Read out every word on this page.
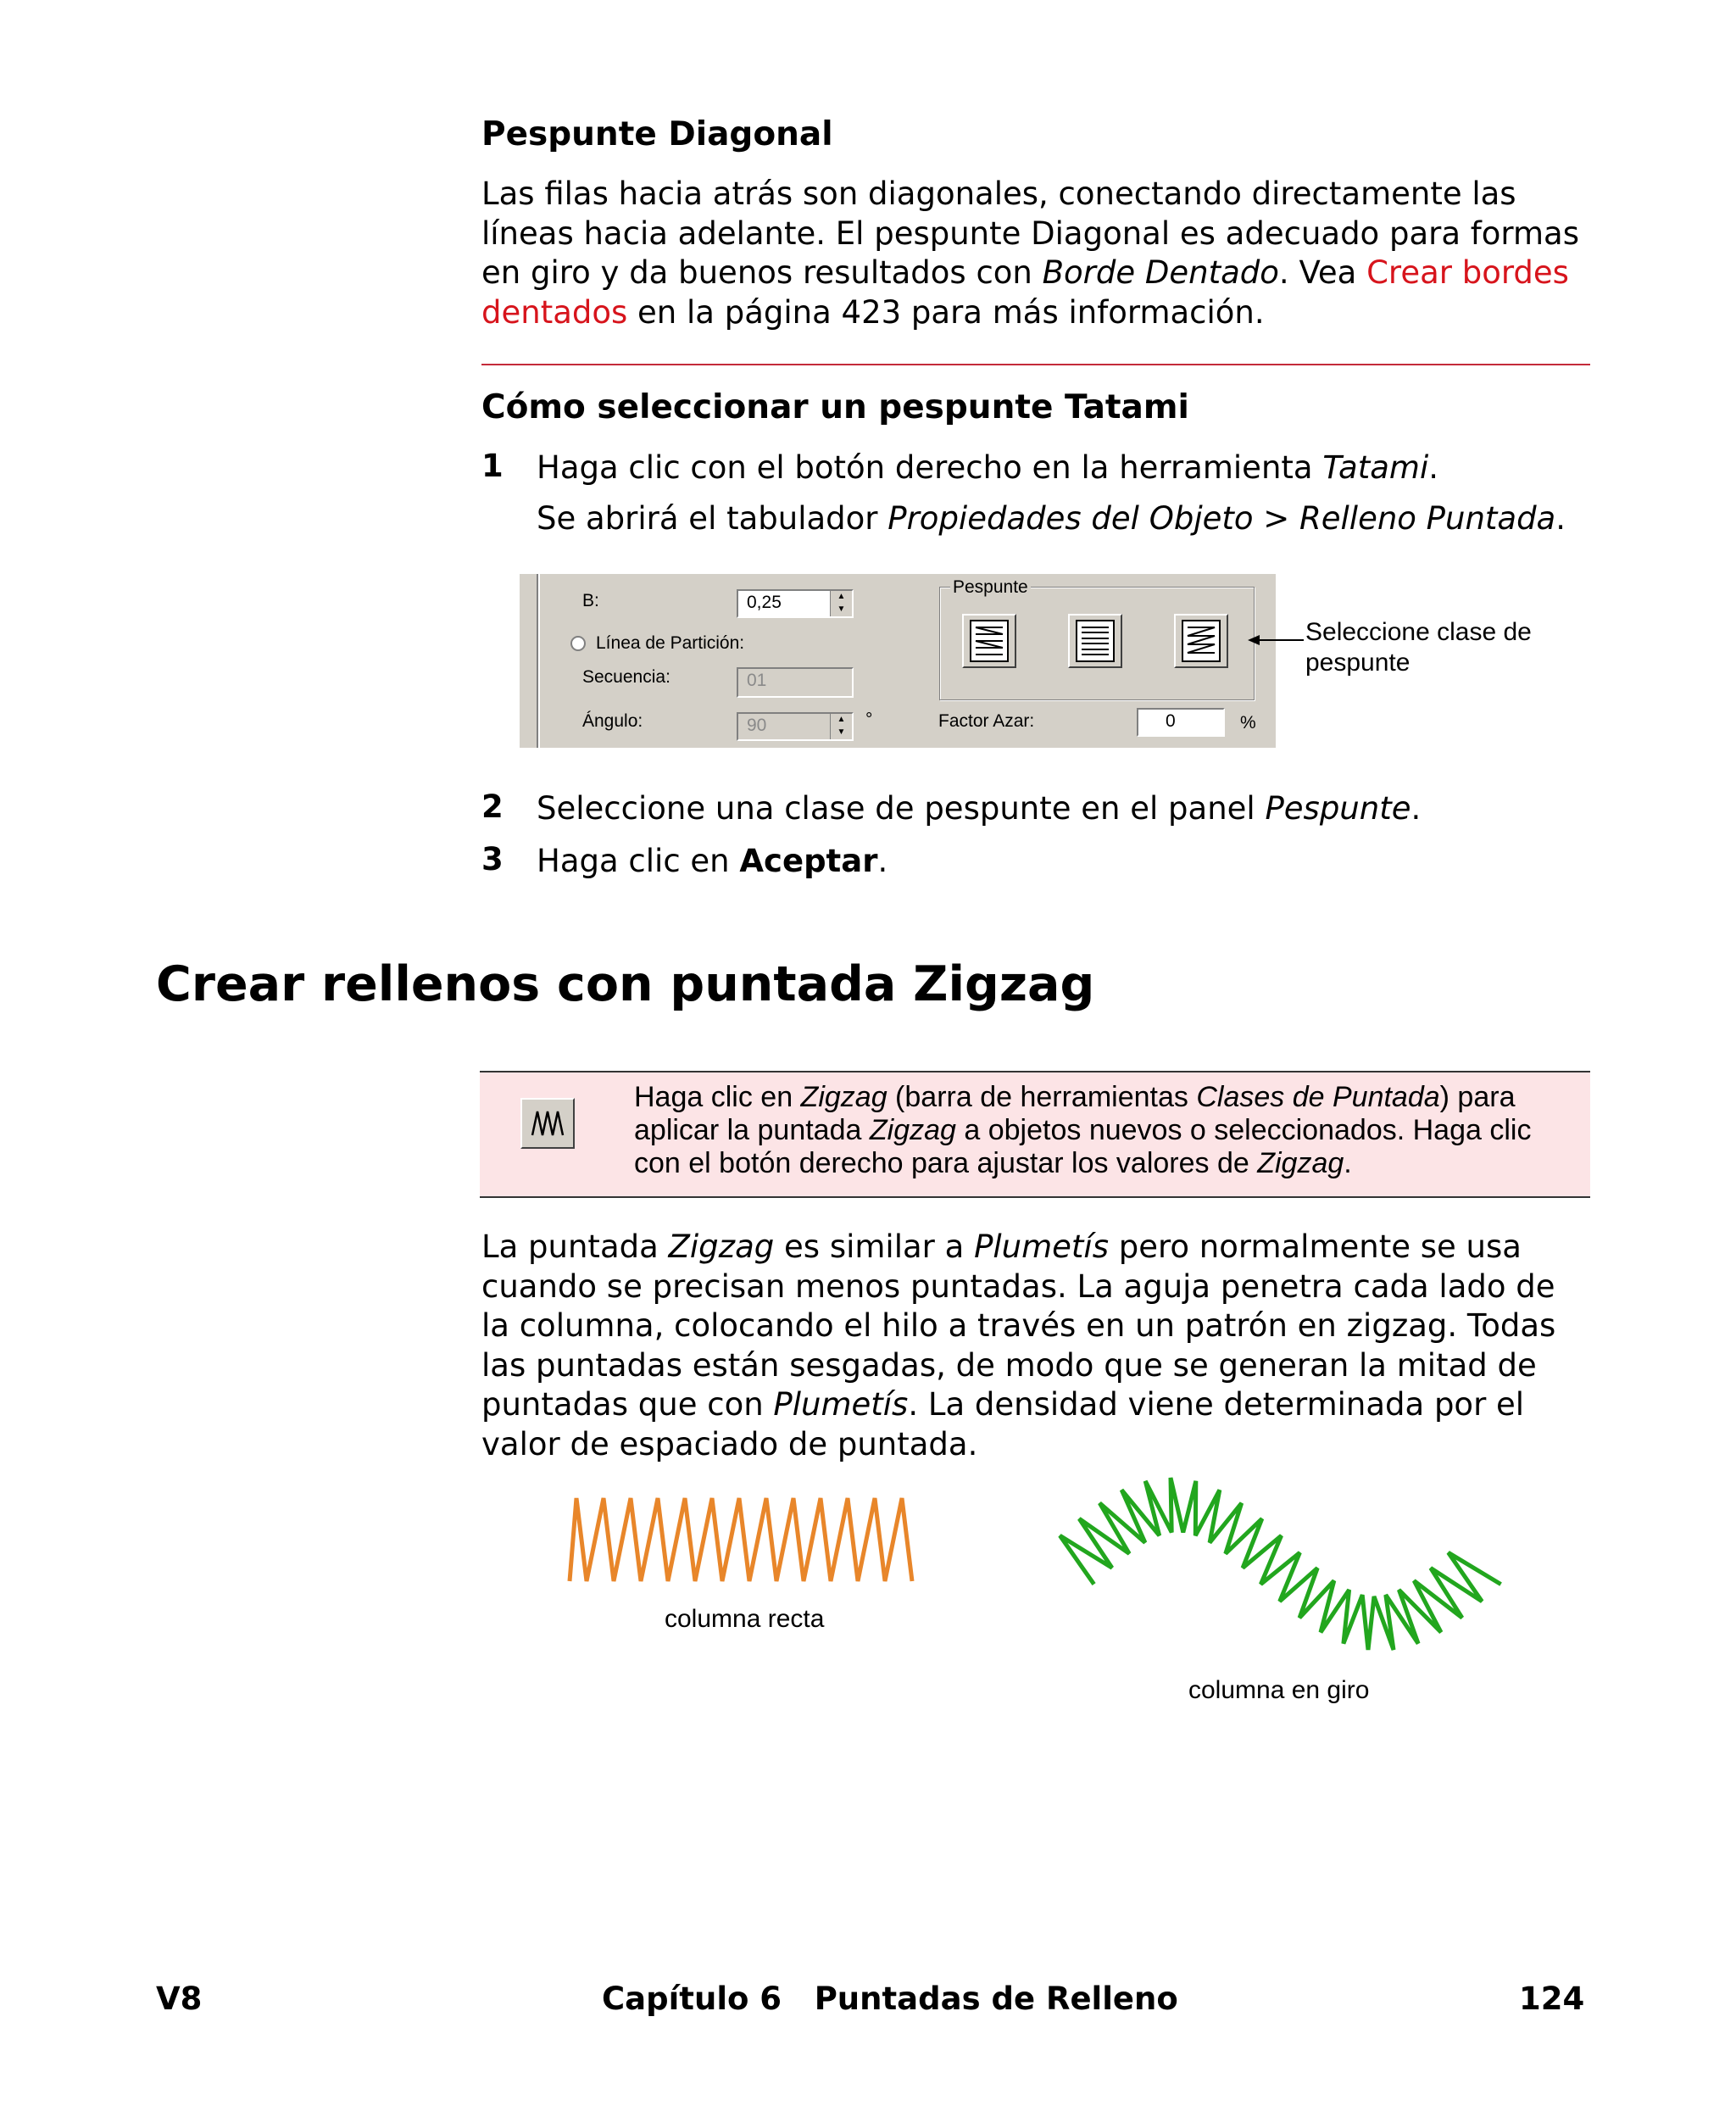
Pespunte Diagonal
Las filas hacia atrás son diagonales, conectando directamente las líneas hacia adelante. El pespunte Diagonal es adecuado para formas en giro y da buenos resultados con Borde Dentado. Vea Crear bordes dentados en la página 423 para más información.
Cómo seleccionar un pespunte Tatami
1 Haga clic con el botón derecho en la herramienta Tatami.
Se abrirá el tabulador Propiedades del Objeto > Relleno Puntada.
B:	0,25	▲
▼
Línea de Partición:
Secuencia:	01
Ángulo:	90	▲
▼
°
Pespunte
Factor Azar:	0	%
Seleccione clase de pespunte
2 Seleccione una clase de pespunte en el panel Pespunte.
3 Haga clic en Aceptar.
Crear rellenos con puntada Zigzag
Haga clic en Zigzag (barra de herramientas Clases de Puntada) para aplicar la puntada Zigzag a objetos nuevos o seleccionados. Haga clic con el botón derecho para ajustar los valores de Zigzag.
La puntada Zigzag es similar a Plumetís pero normalmente se usa cuando se precisan menos puntadas. La aguja penetra cada lado de la columna, colocando el hilo a través en un patrón en zigzag. Todas las puntadas están sesgadas, de modo que se generan la mitad de puntadas que con Plumetís. La densidad viene determinada por el valor de espaciado de puntada.
columna recta
columna en giro
V8	Capítulo 6   Puntadas de Relleno	124
